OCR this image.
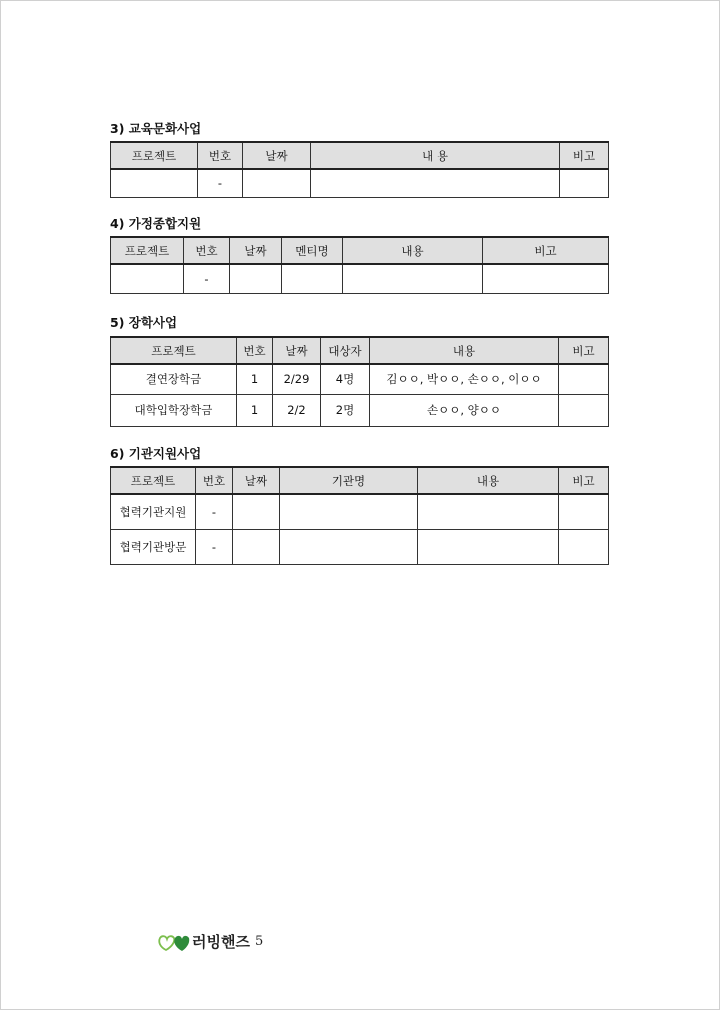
3) 교육문화사업
프로젝트	번호	날짜	내 용	비고
	-			
4) 가정종합지원
프로젝트	번호	날짜	멘티명	내용	비고
	-				
5) 장학사업
프로젝트	번호	날짜	대상자	내용	비고
결연장학금	1	2/29	4명	김ㅇㅇ, 박ㅇㅇ, 손ㅇㅇ, 이ㅇㅇ	
대학입학장학금	1	2/2	2명	손ㅇㅇ, 양ㅇㅇ	
6) 기관지원사업
프로젝트	번호	날짜	기관명	내용	비고
협력기관지원	-				
협력기관방문	-				
러빙핸즈 5
